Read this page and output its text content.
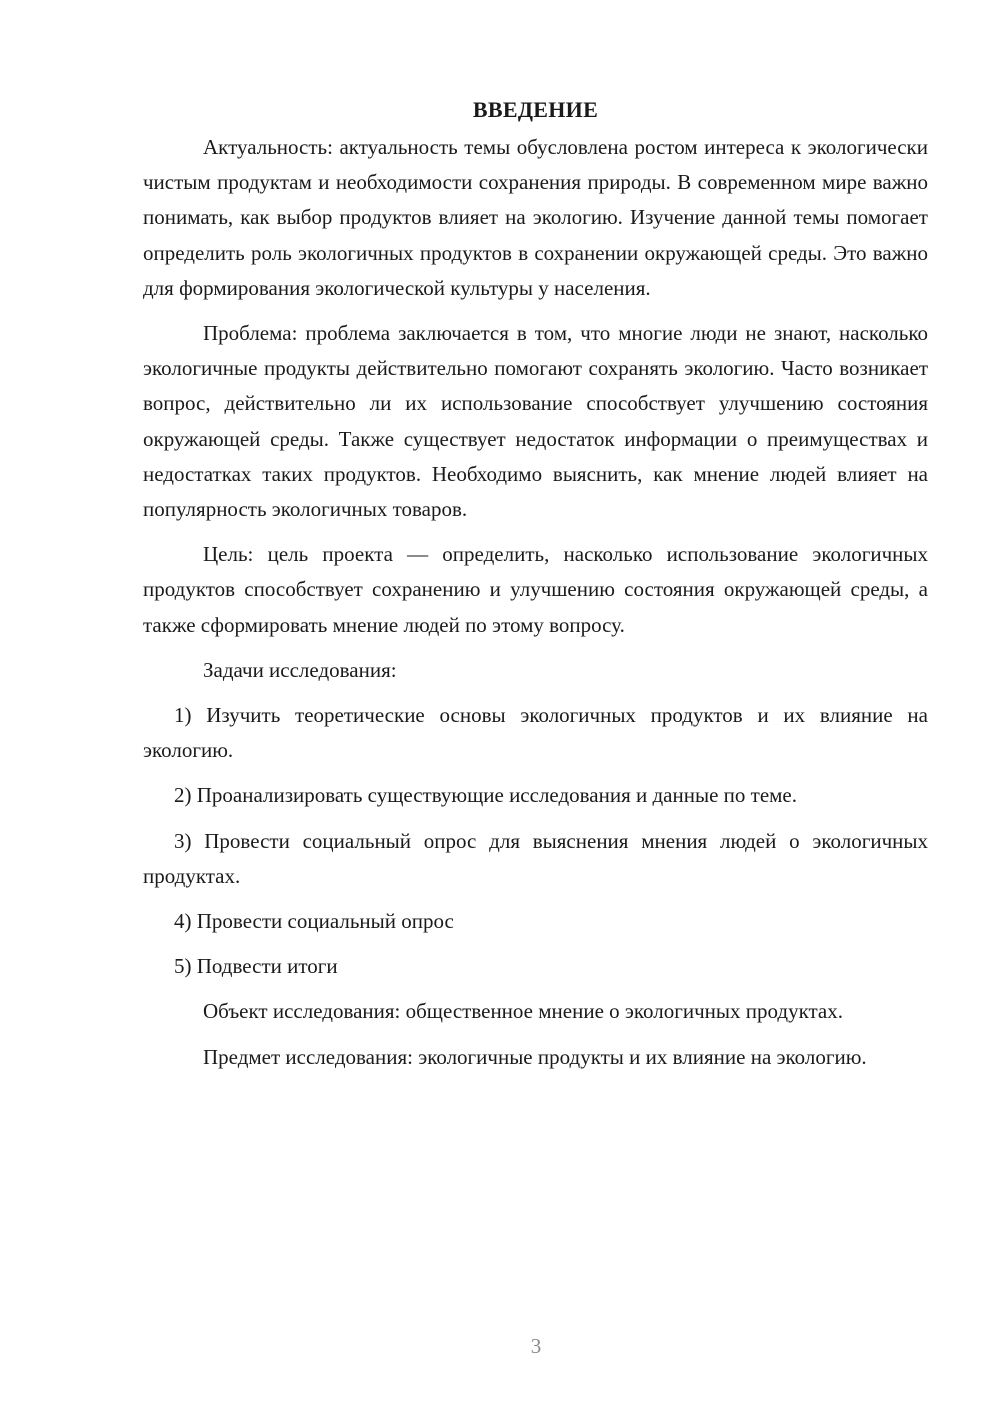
ВВЕДЕНИЕ

Актуальность: актуальность темы обусловлена ростом интереса к экологически чистым продуктам и необходимости сохранения природы. В современном мире важно понимать, как выбор продуктов влияет на экологию. Изучение данной темы помогает определить роль экологичных продуктов в сохранении окружающей среды. Это важно для формирования экологической культуры у населения.

Проблема: проблема заключается в том, что многие люди не знают, насколько экологичные продукты действительно помогают сохранять экологию. Часто возникает вопрос, действительно ли их использование способствует улучшению состояния окружающей среды. Также существует недостаток информации о преимуществах и недостатках таких продуктов. Необходимо выяснить, как мнение людей влияет на популярность экологичных товаров.

Цель: цель проекта — определить, насколько использование экологичных продуктов способствует сохранению и улучшению состояния окружающей среды, а также сформировать мнение людей по этому вопросу.

Задачи исследования:

1) Изучить теоретические основы экологичных продуктов и их влияние на экологию.

2) Проанализировать существующие исследования и данные по теме.

3) Провести социальный опрос для выяснения мнения людей о экологичных продуктах.

4) Провести социальный опрос

5) Подвести итоги

Объект исследования: общественное мнение о экологичных продуктах.

Предмет исследования: экологичные продукты и их влияние на экологию.

3
